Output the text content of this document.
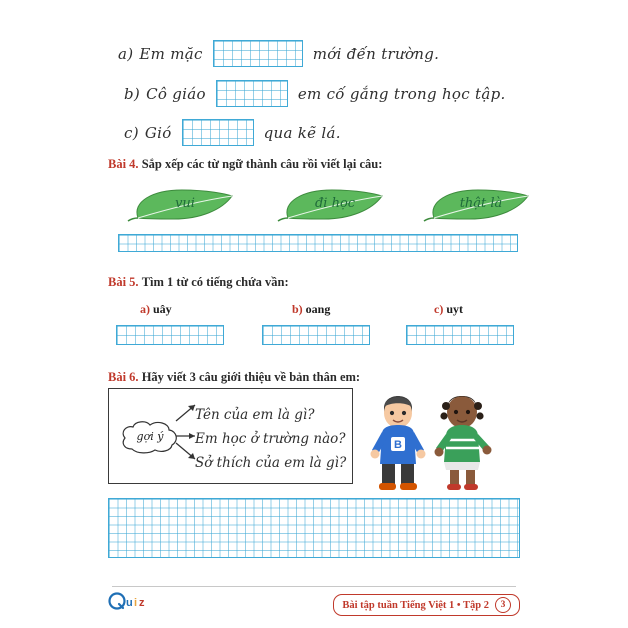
a) Em mặc	mới đến trường.
b) Cô giáo	em cố gắng trong học tập.
c) Gió	qua kẽ lá.
Bài 4. Sắp xếp các từ ngữ thành câu rồi viết lại câu:
vui	đi học	thật là
Bài 5. Tìm 1 từ có tiếng chứa vần:
a) uây	b) oang	c) uyt
Bài 6. Hãy viết 3 câu giới thiệu về bản thân em:
gợi ý
Tên của em là gì?
Em học ở trường nào?
Sở thích của em là gì?
B
u i z	Bài tập tuần Tiếng Việt 1 • Tập 2	3
